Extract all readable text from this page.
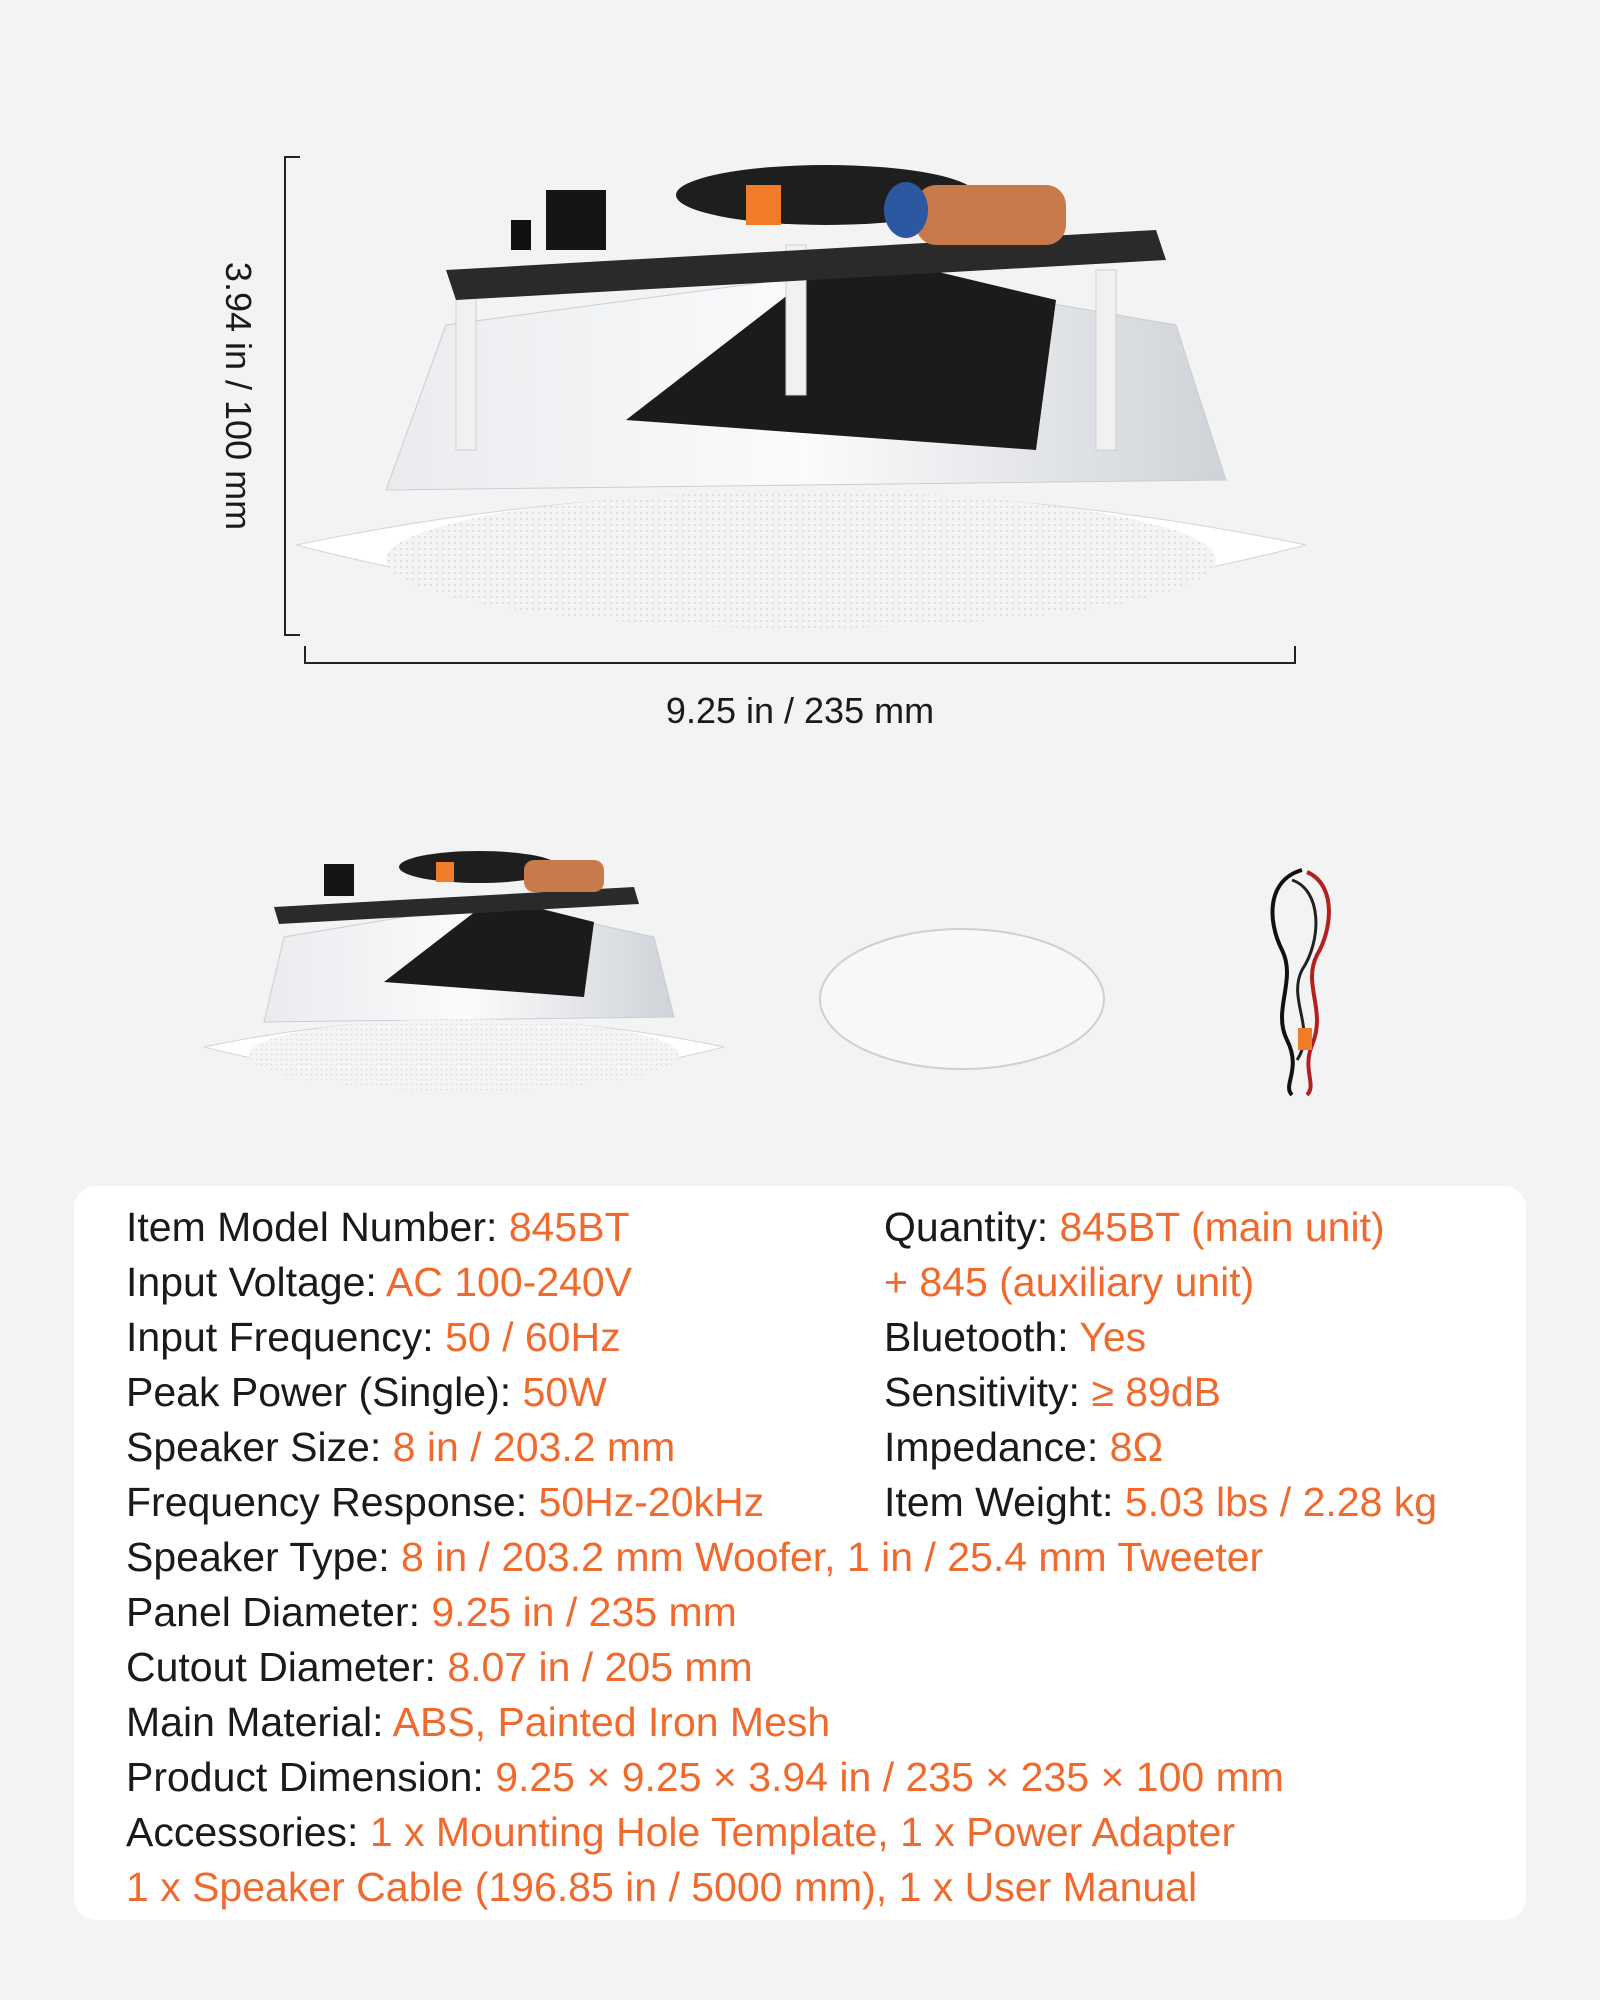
3.94 in / 100 mm
9.25 in / 235 mm
Item Model Number: 845BT
Input Voltage: AC 100-240V
Input Frequency: 50 / 60Hz
Peak Power (Single): 50W
Speaker Size: 8 in / 203.2 mm
Frequency Response: 50Hz-20kHz
Quantity: 845BT (main unit)
+ 845 (auxiliary unit)
Bluetooth: Yes
Sensitivity: ≥ 89dB
Impedance: 8Ω
Item Weight: 5.03 lbs / 2.28 kg
Speaker Type: 8 in / 203.2 mm Woofer, 1 in / 25.4 mm Tweeter
Panel Diameter: 9.25 in / 235 mm
Cutout Diameter: 8.07 in / 205 mm
Main Material: ABS, Painted Iron Mesh
Product Dimension: 9.25 × 9.25 × 3.94 in / 235 × 235 × 100 mm
Accessories: 1 x Mounting Hole Template, 1 x Power Adapter
1 x Speaker Cable (196.85 in / 5000 mm), 1 x User Manual
